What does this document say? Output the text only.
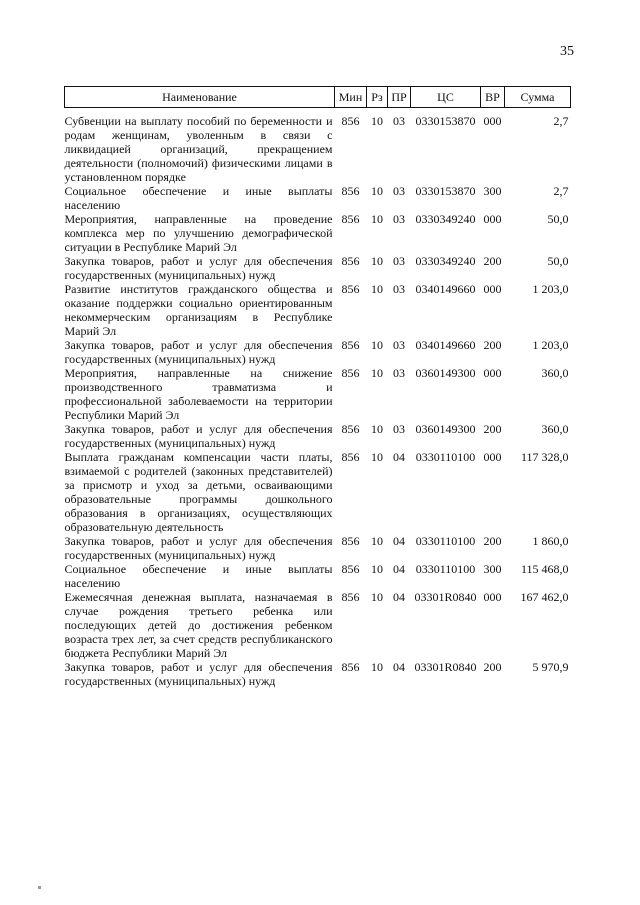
35
Наименование	Мин	Рз	ПР	ЦС	ВР	Сумма

Субвенции на выплату пособий по беременности и родам женщинам, уволенным в связи с ликвидацией организаций, прекращением деятельности (полномочий) физическими лицами в установленном порядке	856	10	03	0330153870	000	2,7
Социальное обеспечение и иные выплаты населению	856	10	03	0330153870	300	2,7
Мероприятия, направленные на проведение комплекса мер по улучшению демографической ситуации в Республике Марий Эл	856	10	03	0330349240	000	50,0
Закупка товаров, работ и услуг для обеспечения государственных (муниципальных) нужд	856	10	03	0330349240	200	50,0
Развитие институтов гражданского общества и оказание поддержки социально ориентированным некоммерческим организациям в Республике Марий Эл	856	10	03	0340149660	000	1 203,0
Закупка товаров, работ и услуг для обеспечения государственных (муниципальных) нужд	856	10	03	0340149660	200	1 203,0
Мероприятия, направленные на снижение производственного травматизма и профессиональной заболеваемости на территории Республики Марий Эл	856	10	03	0360149300	000	360,0
Закупка товаров, работ и услуг для обеспечения государственных (муниципальных) нужд	856	10	03	0360149300	200	360,0
Выплата гражданам компенсации части платы, взимаемой с родителей (законных представителей) за присмотр и уход за детьми, осваивающими образовательные программы дошкольного образования в организациях, осуществляющих образовательную деятельность	856	10	04	0330110100	000	117 328,0
Закупка товаров, работ и услуг для обеспечения государственных (муниципальных) нужд	856	10	04	0330110100	200	1 860,0
Социальное обеспечение и иные выплаты населению	856	10	04	0330110100	300	115 468,0
Ежемесячная денежная выплата, назначаемая в случае рождения третьего ребенка или последующих детей до достижения ребенком возраста трех лет, за счет средств республиканского бюджета Республики Марий Эл	856	10	04	03301R0840	000	167 462,0
Закупка товаров, работ и услуг для обеспечения государственных (муниципальных) нужд	856	10	04	03301R0840	200	5 970,9
